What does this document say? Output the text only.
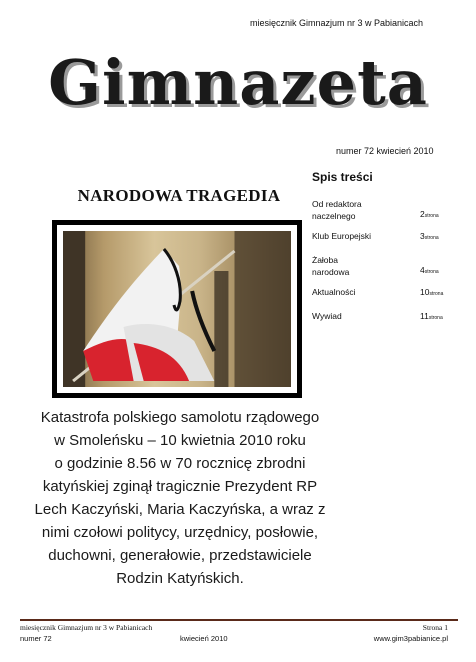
miesięcznik Gimnazjum nr 3 w Pabianicach
Gimnazeta
numer 72 kwiecień 2010
NARODOWA TRAGEDIA
Spis treści
Od redaktora
naczelnego	2strona
Klub Europejski	3strona
Żałoba
narodowa	4strona
Aktualności	10strona
Wywiad	11strona
Katastrofa polskiego samolotu rządowego
w Smoleńsku – 10 kwietnia 2010 roku
o godzinie 8.56 w 70 rocznicę zbrodni
katyńskiej zginął tragicznie Prezydent RP
Lech Kaczyński, Maria Kaczyńska, a wraz z
nimi czołowi politycy, urzędnicy, posłowie,
duchowni, generałowie, przedstawiciele
Rodzin Katyńskich.
miesięcznik Gimnazjum nr 3 w Pabianicach	Strona 1
numer 72	kwiecień 2010	www.gim3pabianice.pl
